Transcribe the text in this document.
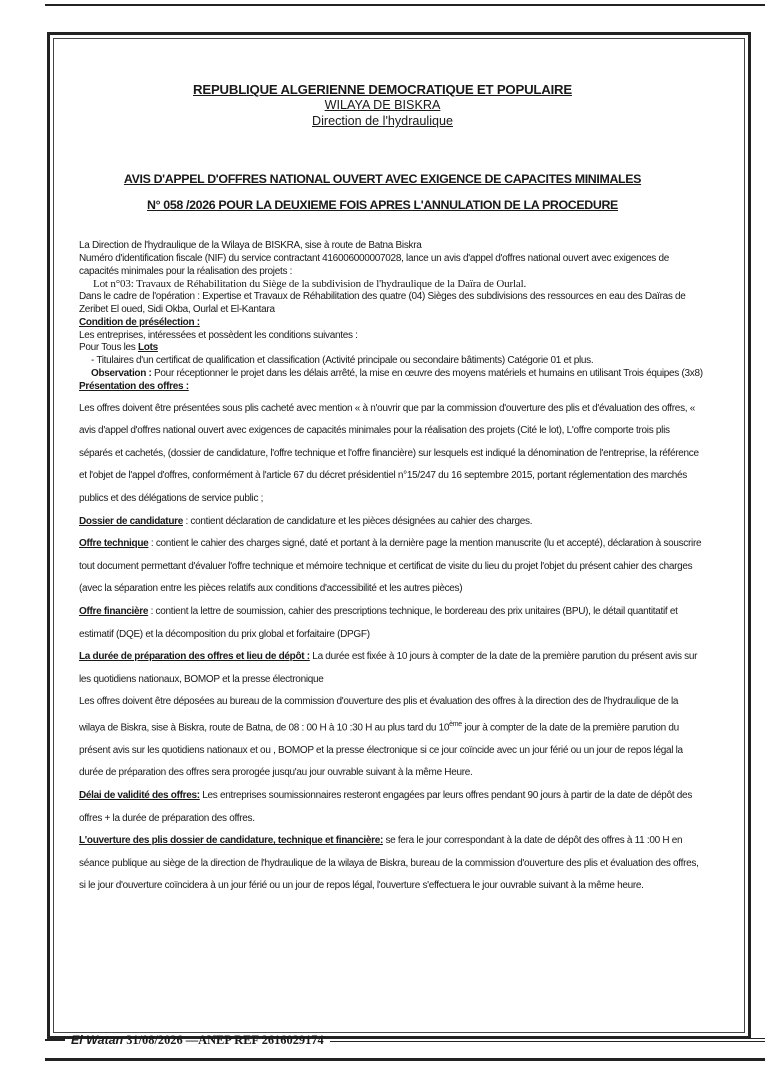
REPUBLIQUE ALGERIENNE DEMOCRATIQUE ET POPULAIRE
WILAYA DE BISKRA
Direction de l'hydraulique
AVIS D'APPEL D'OFFRES NATIONAL OUVERT AVEC EXIGENCE DE CAPACITES MINIMALES
N° 058 /2026 POUR LA DEUXIEME FOIS APRES L'ANNULATION DE LA PROCEDURE

La Direction de l'hydraulique de la Wilaya de BISKRA, sise à route de Batna Biskra

Numéro d'identification fiscale (NIF) du service contractant 416006000007028, lance un avis d'appel d'offres national ouvert avec exigences de capacités minimales pour la réalisation des projets :

Lot n°03: Travaux de Réhabilitation du Siège de la subdivision de l'hydraulique de la Daïra de Ourlal.

Dans le cadre de l'opération : Expertise et Travaux de Réhabilitation des quatre (04) Sièges des subdivisions des ressources en eau des Daïras de Zeribet El oued, Sidi Okba, Ourlal et El-Kantara

Condition de présélection :

Les entreprises, intéressées et possèdent les conditions suivantes :

Pour Tous les Lots

- Titulaires d'un certificat de qualification et classification (Activité principale ou secondaire bâtiments) Catégorie 01 et plus.

Observation : Pour réceptionner le projet dans les délais arrêté, la mise en œuvre des moyens matériels et humains en utilisant Trois équipes (3x8)

Présentation des offres :

Les offres doivent être présentées sous plis cacheté avec mention « à n'ouvrir que par la commission d'ouverture des plis et d'évaluation des offres, « avis d'appel d'offres national ouvert avec exigences de capacités minimales pour la réalisation des projets (Cité le lot), L'offre comporte trois plis séparés et cachetés, (dossier de candidature, l'offre technique et l'offre financière) sur lesquels est indiqué la dénomination de l'entreprise, la référence et l'objet de l'appel d'offres, conformément à l'article 67 du décret présidentiel n°15/247 du 16 septembre 2015, portant réglementation des marchés publics et des délégations de service public ;

Dossier de candidature : contient déclaration de candidature et les pièces désignées au cahier des charges.

Offre technique : contient le cahier des charges signé, daté et portant à la dernière page la mention manuscrite (lu et accepté), déclaration à souscrire tout document permettant d'évaluer l'offre technique et mémoire technique et certificat de visite du lieu du projet l'objet du présent cahier des charges (avec la séparation entre les pièces relatifs aux conditions d'accessibilité et les autres pièces)

Offre financière : contient la lettre de soumission, cahier des prescriptions technique, le bordereau des prix unitaires (BPU), le détail quantitatif et estimatif (DQE) et la décomposition du prix global et forfaitaire (DPGF)

La durée de préparation des offres et lieu de dépôt : La durée est fixée à 10 jours à compter de la date de la première parution du présent avis sur les quotidiens nationaux, BOMOP et la presse électronique

Les offres doivent être déposées au bureau de la commission d'ouverture des plis et évaluation des offres à la direction des de l'hydraulique de la wilaya de Biskra, sise à Biskra, route de Batna, de 08 : 00 H à 10 :30 H au plus tard du 10ème jour à compter de la date de la première parution du présent avis sur les quotidiens nationaux et ou , BOMOP et la presse électronique si ce jour coïncide avec un jour férié ou un jour de repos légal la durée de préparation des offres sera prorogée jusqu'au jour ouvrable suivant à la même Heure.

Délai de validité des offres: Les entreprises soumissionnaires resteront engagées par leurs offres pendant 90 jours à partir de la date de dépôt des offres + la durée de préparation des offres.

L'ouverture des plis dossier de candidature, technique et financière: se fera le jour correspondant à la date de dépôt des offres à 11 :00 H en séance publique au siège de la direction de l'hydraulique de la wilaya de Biskra, bureau de la commission d'ouverture des plis et évaluation des offres, si le jour d'ouverture coïncidera à un jour férié ou un jour de repos légal, l'ouverture s'effectuera le jour ouvrable suivant à la même heure.

El Watan 31/08/2026 —ANEP REF 2616029174
